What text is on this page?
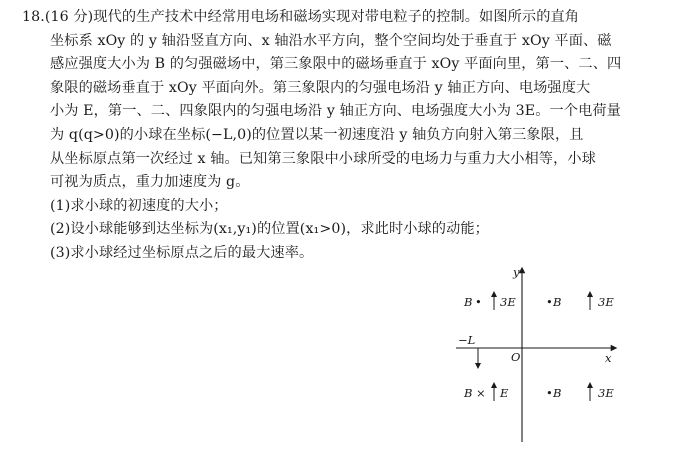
18.(16 分)现代的生产技术中经常用电场和磁场实现对带电粒子的控制。如图所示的直角
坐标系 xOy 的 y 轴沿竖直方向、x 轴沿水平方向，整个空间均处于垂直于 xOy 平面、磁
感应强度大小为 B 的匀强磁场中，第三象限中的磁场垂直于 xOy 平面向里，第一、二、四
象限的磁场垂直于 xOy 平面向外。第三象限内的匀强电场沿 y 轴正方向、电场强度大
小为 E，第一、二、四象限内的匀强电场沿 y 轴正方向、电场强度大小为 3E。一个电荷量
为 q(q>0)的小球在坐标(−L,0)的位置以某一初速度沿 y 轴负方向射入第三象限，且
从坐标原点第一次经过 x 轴。已知第三象限中小球所受的电场力与重力大小相等，小球
可视为质点，重力加速度为 g。
(1)求小球的初速度的大小；
(2)设小球能够到达坐标为(x₁,y₁)的位置(x₁>0)，求此时小球的动能；
(3)求小球经过坐标原点之后的最大速率。
y
x
O
−L
B • 3E	• B	3E
B × E	• B	3E
